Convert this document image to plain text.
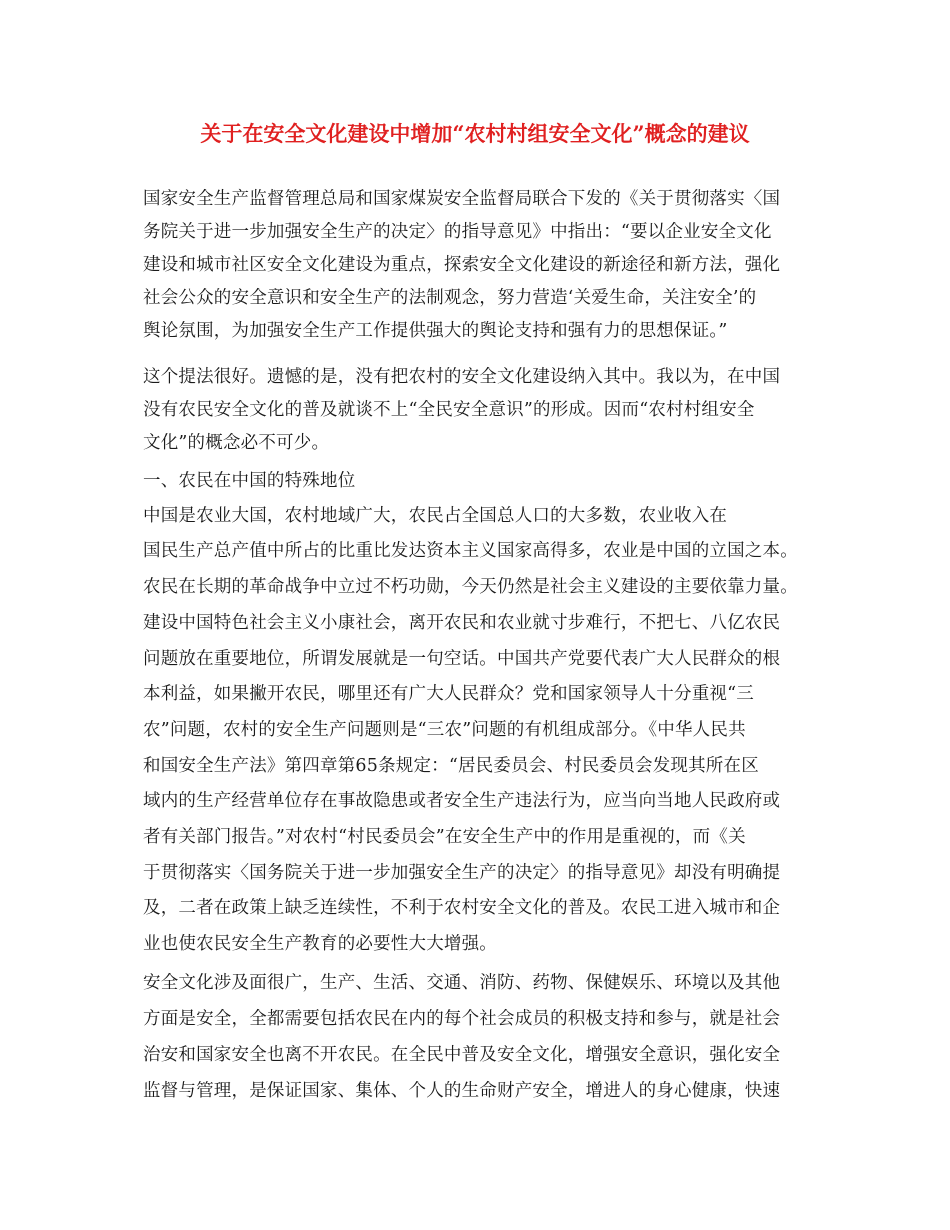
关于在安全文化建设中增加“农村村组安全文化”概念的建议
国家安全生产监督管理总局和国家煤炭安全监督局联合下发的《关于贯彻落实〈国
务院关于进一步加强安全生产的决定〉的指导意见》中指出：“要以企业安全文化
建设和城市社区安全文化建设为重点，探索安全文化建设的新途径和新方法，强化
社会公众的安全意识和安全生产的法制观念，努力营造‘关爱生命，关注安全’的
舆论氛围，为加强安全生产工作提供强大的舆论支持和强有力的思想保证。”
这个提法很好。遗憾的是，没有把农村的安全文化建设纳入其中。我以为，在中国
没有农民安全文化的普及就谈不上“全民安全意识”的形成。因而“农村村组安全
文化”的概念必不可少。
一、农民在中国的特殊地位
中国是农业大国，农村地域广大，农民占全国总人口的大多数，农业收入在
国民生产总产值中所占的比重比发达资本主义国家高得多，农业是中国的立国之本。
农民在长期的革命战争中立过不朽功勋，今天仍然是社会主义建设的主要依靠力量。
建设中国特色社会主义小康社会，离开农民和农业就寸步难行，不把七、八亿农民
问题放在重要地位，所谓发展就是一句空话。中国共产党要代表广大人民群众的根
本利益，如果撇开农民，哪里还有广大人民群众？党和国家领导人十分重视“三
农”问题，农村的安全生产问题则是“三农”问题的有机组成部分。《中华人民共
和国安全生产法》第四章第65条规定：“居民委员会、村民委员会发现其所在区
域内的生产经营单位存在事故隐患或者安全生产违法行为，应当向当地人民政府或
者有关部门报告。”对农村“村民委员会”在安全生产中的作用是重视的，而《关
于贯彻落实〈国务院关于进一步加强安全生产的决定〉的指导意见》却没有明确提
及，二者在政策上缺乏连续性，不利于农村安全文化的普及。农民工进入城市和企
业也使农民安全生产教育的必要性大大增强。
安全文化涉及面很广，生产、生活、交通、消防、药物、保健娱乐、环境以及其他
方面是安全，全都需要包括农民在内的每个社会成员的积极支持和参与，就是社会
治安和国家安全也离不开农民。在全民中普及安全文化，增强安全意识，强化安全
监督与管理，是保证国家、集体、个人的生命财产安全，增进人的身心健康，快速
